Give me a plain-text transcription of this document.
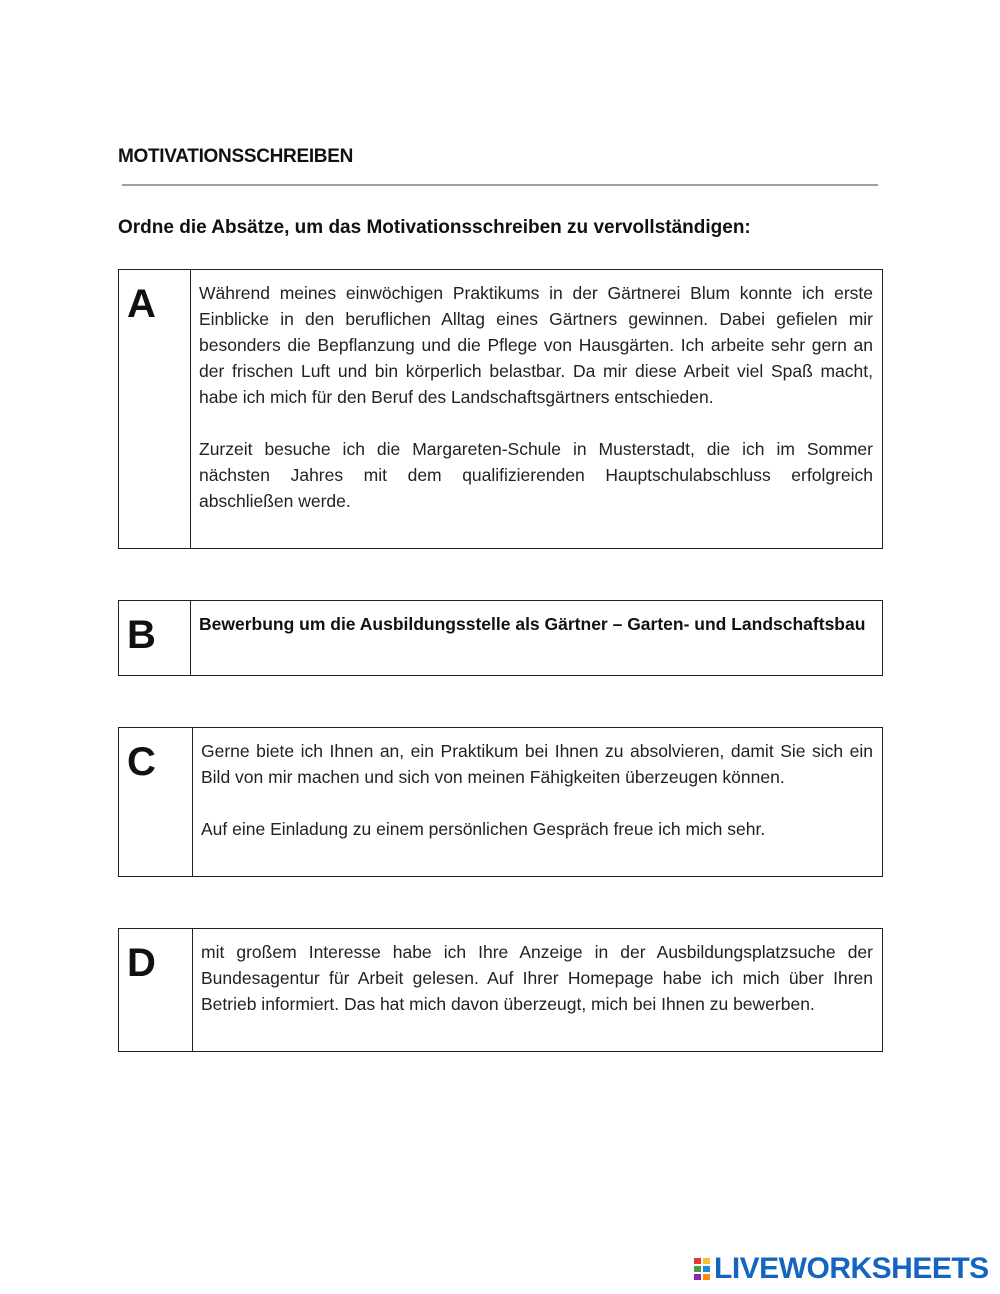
MOTIVATIONSSCHREIBEN
Ordne die Absätze, um das Motivationsschreiben zu vervollständigen:
A Während meines einwöchigen Praktikums in der Gärtnerei Blum konnte ich erste Einblicke in den beruflichen Alltag eines Gärtners gewinnen. Dabei gefielen mir besonders die Bepflanzung und die Pflege von Hausgärten. Ich arbeite sehr gern an der frischen Luft und bin körperlich belastbar. Da mir diese Arbeit viel Spaß macht, habe ich mich für den Beruf des Landschaftsgärtners entschieden.

Zurzeit besuche ich die Margareten-Schule in Musterstadt, die ich im Sommer nächsten Jahres mit dem qualifizierenden Hauptschulabschluss erfolgreich abschließen werde.

B Bewerbung um die Ausbildungsstelle als Gärtner – Garten- und Landschaftsbau

C	Gerne biete ich Ihnen an, ein Praktikum bei Ihnen zu absolvieren, damit Sie sich ein Bild von mir machen und sich von meinen Fähigkeiten überzeugen können.

Auf eine Einladung zu einem persönlichen Gespräch freue ich mich sehr.

D	mit großem Interesse habe ich Ihre Anzeige in der Ausbildungsplatzsuche der Bundesagentur für Arbeit gelesen. Auf Ihrer Homepage habe ich mich über Ihren Betrieb informiert. Das hat mich davon überzeugt, mich bei Ihnen zu bewerben.

LIVEWORKSHEETS
